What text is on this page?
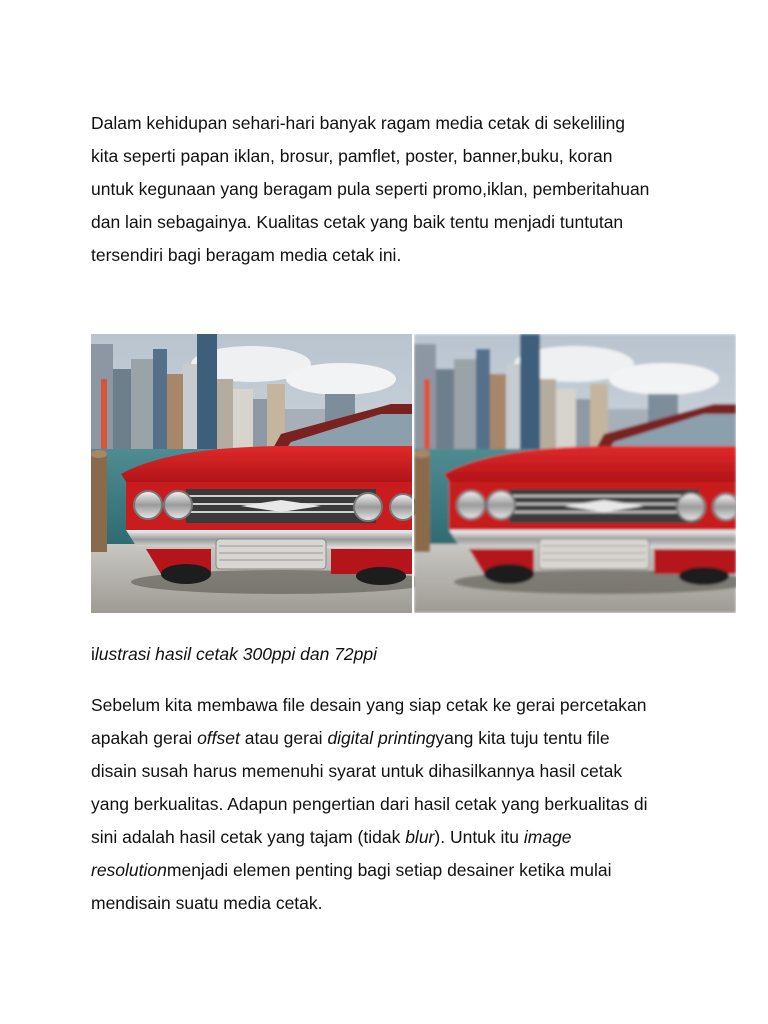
Dalam kehidupan sehari-hari banyak ragam media cetak di sekeliling
kita seperti papan iklan, brosur, pamflet, poster, banner,buku, koran
untuk kegunaan yang beragam pula seperti promo,iklan, pemberitahuan
dan lain sebagainya. Kualitas cetak yang baik tentu menjadi tuntutan
tersendiri bagi beragam media cetak ini.

ilustrasi hasil cetak 300ppi dan 72ppi

Sebelum kita membawa file desain yang siap cetak ke gerai percetakan
apakah gerai offset atau gerai digital printingyang kita tuju tentu file
disain susah harus memenuhi syarat untuk dihasilkannya hasil cetak
yang berkualitas. Adapun pengertian dari hasil cetak yang berkualitas di
sini adalah hasil cetak yang tajam (tidak blur). Untuk itu image
resolutionmenjadi elemen penting bagi setiap desainer ketika mulai
mendisain suatu media cetak.
